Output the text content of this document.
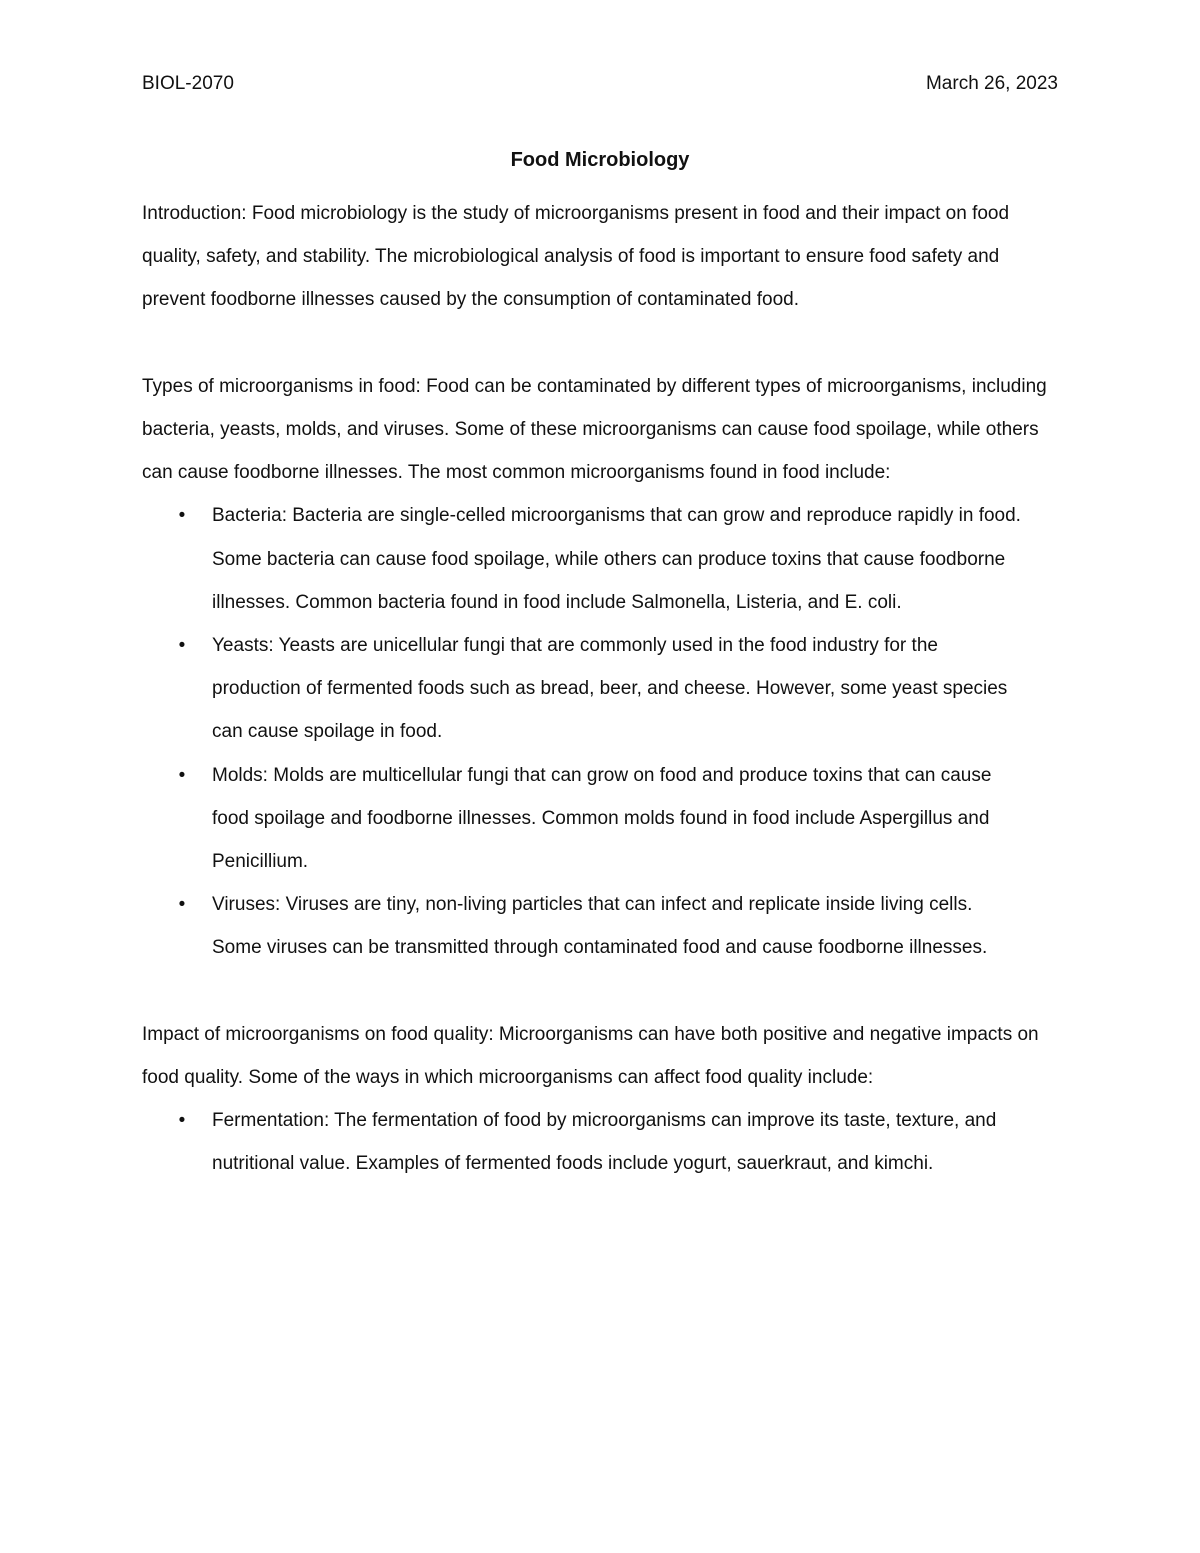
BIOL-2070	March 26, 2023
Food Microbiology

Introduction: Food microbiology is the study of microorganisms present in food and their impact on food quality, safety, and stability. The microbiological analysis of food is important to ensure food safety and prevent foodborne illnesses caused by the consumption of contaminated food.

Types of microorganisms in food: Food can be contaminated by different types of microorganisms, including bacteria, yeasts, molds, and viruses. Some of these microorganisms can cause food spoilage, while others can cause foodborne illnesses. The most common microorganisms found in food include:

•	Bacteria: Bacteria are single-celled microorganisms that can grow and reproduce rapidly in food. Some bacteria can cause food spoilage, while others can produce toxins that cause foodborne illnesses. Common bacteria found in food include Salmonella, Listeria, and E. coli.
•	Yeasts: Yeasts are unicellular fungi that are commonly used in the food industry for the production of fermented foods such as bread, beer, and cheese. However, some yeast species can cause spoilage in food.
•	Molds: Molds are multicellular fungi that can grow on food and produce toxins that can cause food spoilage and foodborne illnesses. Common molds found in food include Aspergillus and Penicillium.
•	Viruses: Viruses are tiny, non-living particles that can infect and replicate inside living cells. Some viruses can be transmitted through contaminated food and cause foodborne illnesses.

Impact of microorganisms on food quality: Microorganisms can have both positive and negative impacts on food quality. Some of the ways in which microorganisms can affect food quality include:

•	Fermentation: The fermentation of food by microorganisms can improve its taste, texture, and nutritional value. Examples of fermented foods include yogurt, sauerkraut, and kimchi.
